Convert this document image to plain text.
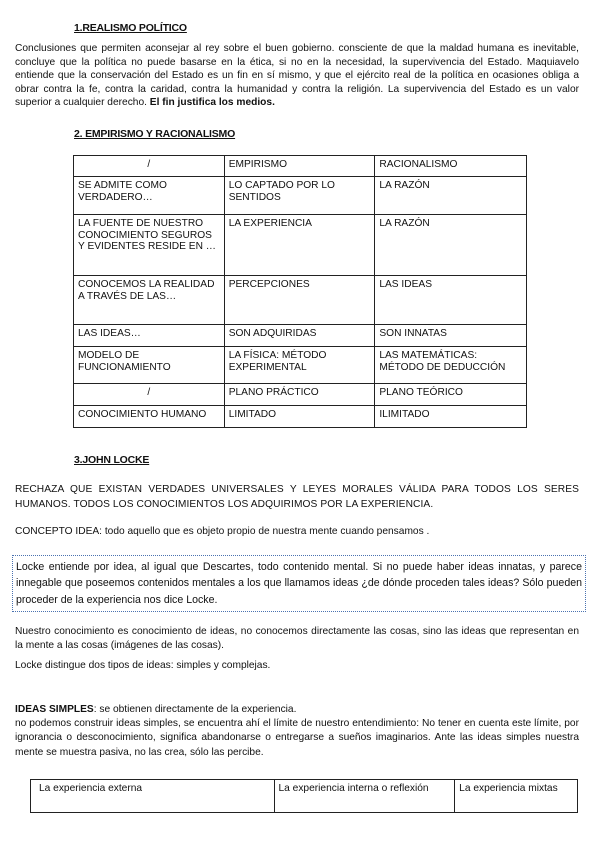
1.REALISMO POLÍTICO
Conclusiones que permiten aconsejar al rey sobre el buen gobierno. consciente de que la maldad humana es inevitable, concluye que la política no puede basarse en la ética, si no en la necesidad, la supervivencia del Estado. Maquiavelo entiende que la conservación del Estado es un fin en sí mismo, y que el ejército real de la política en ocasiones obliga a obrar contra la fe, contra la caridad, contra la humanidad y contra la religión. La supervivencia del Estado es un valor superior a cualquier derecho. El fin justifica los medios.
2. EMPIRISMO Y RACIONALISMO
/	EMPIRISMO	RACIONALISMO
SE ADMITE COMO VERDADERO…	LO CAPTADO POR LO SENTIDOS	LA RAZÓN
LA FUENTE DE NUESTRO CONOCIMIENTO SEGUROS Y EVIDENTES RESIDE EN …	LA EXPERIENCIA	LA RAZÓN
CONOCEMOS LA REALIDAD A TRAVÉS DE LAS…	PERCEPCIONES	LAS IDEAS
LAS IDEAS…	SON ADQUIRIDAS	SON INNATAS
MODELO DE FUNCIONAMIENTO	LA FÍSICA: MÉTODO EXPERIMENTAL	LAS MATEMÁTICAS: MÉTODO DE DEDUCCIÓN
/	PLANO PRÁCTICO	PLANO TEÓRICO
CONOCIMIENTO HUMANO	LIMITADO	ILIMITADO
3.JOHN LOCKE
RECHAZA QUE EXISTAN VERDADES UNIVERSALES Y LEYES MORALES VÁLIDA PARA TODOS LOS SERES HUMANOS. TODOS LOS CONOCIMIENTOS LOS ADQUIRIMOS POR LA EXPERIENCIA.
CONCEPTO IDEA: todo aquello que es objeto propio de nuestra mente cuando pensamos .
Locke entiende por idea, al igual que Descartes, todo contenido mental. Si no puede haber ideas innatas, y parece innegable que poseemos contenidos mentales a los que llamamos ideas ¿de dónde proceden tales ideas? Sólo pueden proceder de la experiencia nos dice Locke.
Nuestro conocimiento es conocimiento de ideas, no conocemos directamente las cosas, sino las ideas que representan en la mente a las cosas (imágenes de las cosas).
Locke distingue dos tipos de ideas: simples y complejas.
IDEAS SIMPLES: se obtienen directamente de la experiencia.
no podemos construir ideas simples, se encuentra ahí el límite de nuestro entendimiento: No tener en cuenta este límite, por ignorancia o desconocimiento, significa abandonarse o entregarse a sueños imaginarios. Ante las ideas simples nuestra mente se muestra pasiva, no las crea, sólo las percibe.
La experiencia externa	La experiencia interna o reflexión	La experiencia mixtas
